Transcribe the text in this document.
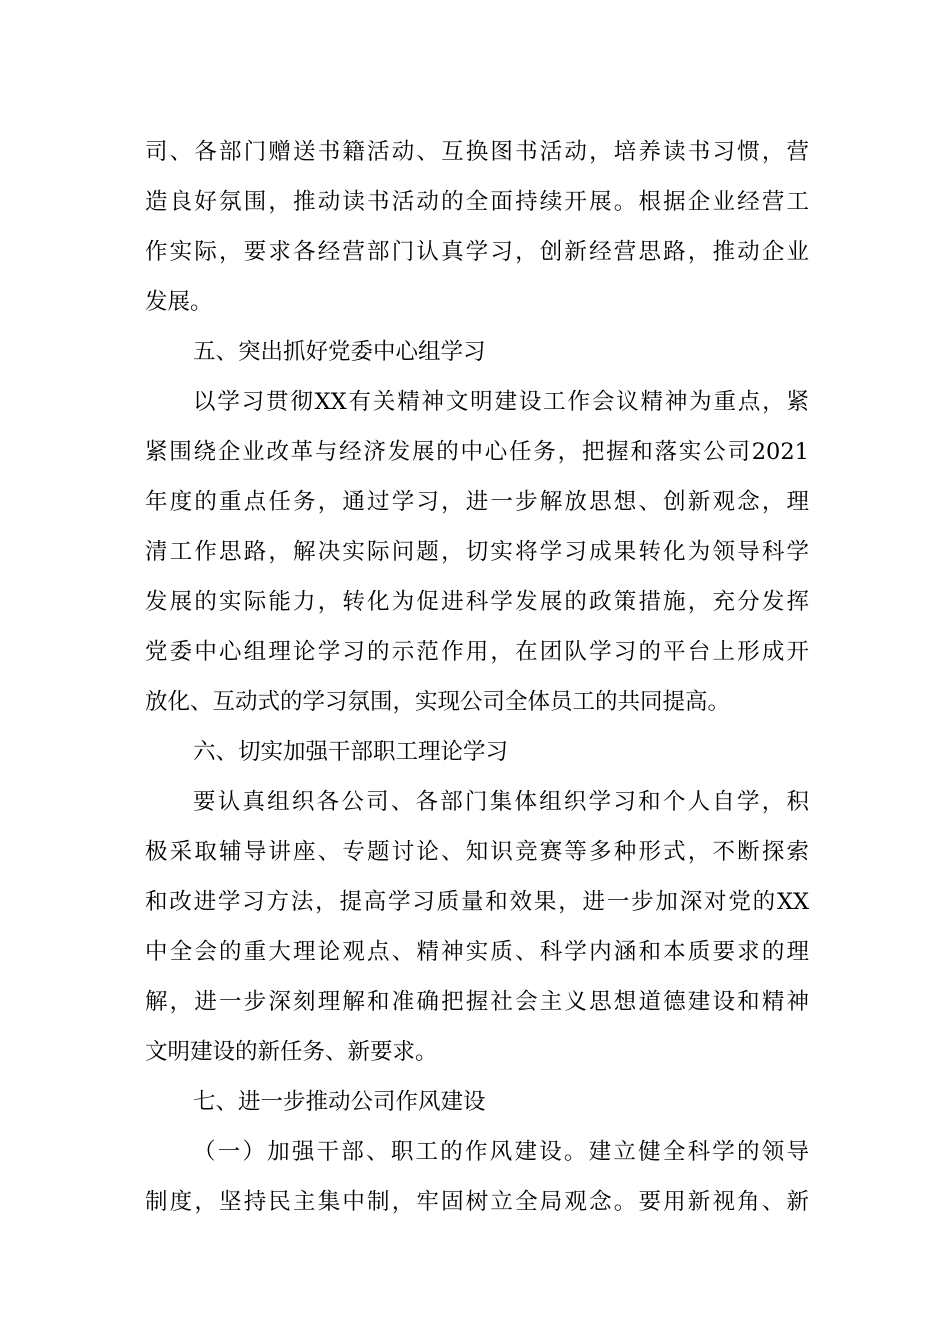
司、各部门赠送书籍活动、互换图书活动，培养读书习惯，营
造良好氛围，推动读书活动的全面持续开展。根据企业经营工
作实际，要求各经营部门认真学习，创新经营思路，推动企业
发展。
五、突出抓好党委中心组学习
以学习贯彻XX有关精神文明建设工作会议精神为重点，紧
紧围绕企业改革与经济发展的中心任务，把握和落实公司2021
年度的重点任务，通过学习，进一步解放思想、创新观念，理
清工作思路，解决实际问题，切实将学习成果转化为领导科学
发展的实际能力，转化为促进科学发展的政策措施，充分发挥
党委中心组理论学习的示范作用，在团队学习的平台上形成开
放化、互动式的学习氛围，实现公司全体员工的共同提高。
六、切实加强干部职工理论学习
要认真组织各公司、各部门集体组织学习和个人自学，积
极采取辅导讲座、专题讨论、知识竞赛等多种形式，不断探索
和改进学习方法，提高学习质量和效果，进一步加深对党的XX
中全会的重大理论观点、精神实质、科学内涵和本质要求的理
解，进一步深刻理解和准确把握社会主义思想道德建设和精神
文明建设的新任务、新要求。
七、进一步推动公司作风建设
（一）加强干部、职工的作风建设。建立健全科学的领导
制度，坚持民主集中制，牢固树立全局观念。要用新视角、新
